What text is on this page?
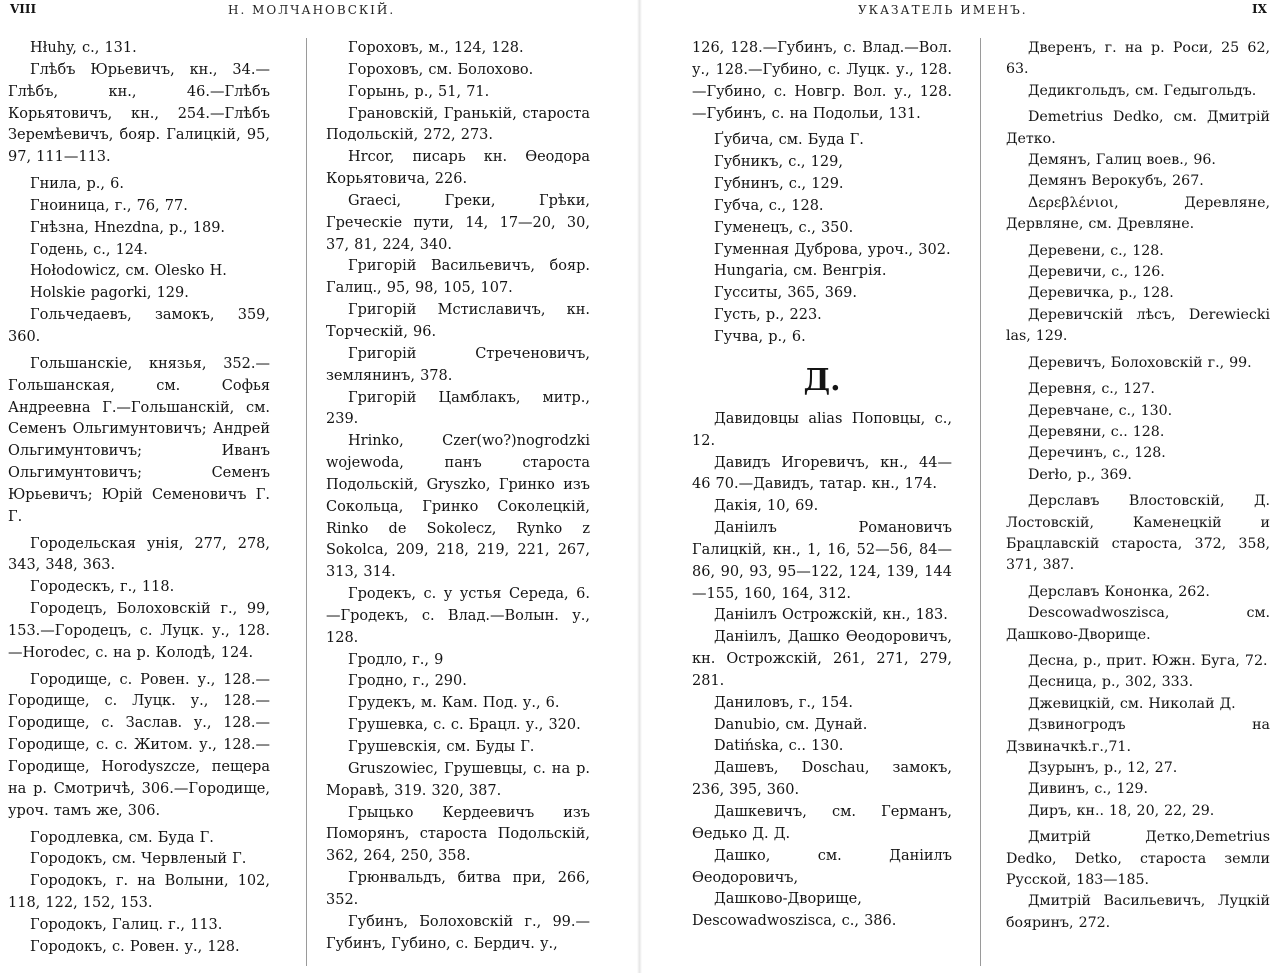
VIII	Н. МОЛЧАНОВСКІЙ.

Hłuhy, с., 131.

Глѣбъ Юрьевичъ, кн., 34.—Глѣбъ, кн., 46.—Глѣбъ Корьятовичъ, кн., 254.—Глѣбъ Зеремѣевичъ, бояр. Галицкій, 95, 97, 111—113.

Гнила, р., 6.

Гноиница, г., 76, 77.

Гнѣзна, Hnezdna, р., 189.

Годень, с., 124.

Hołodowicz, см. Olesko H.

Holskie pagorki, 129.

Гольчедаевъ, замокъ, 359, 360.

Гольшанскіе, князья, 352.—Гольшанская, см. Софья Андреевна Г.—Гольшанскій, см. Семенъ Ольгимунтовичъ; Андрей Ольгимунтовичъ; Иванъ Ольгимунтовичъ; Семенъ Юрьевичъ; Юрій Семеновичъ Г. Г.

Городельская унія, 277, 278, 343, 348, 363.

Городескъ, г., 118.

Городецъ, Болоховскій г., 99, 153.—Городецъ, с. Луцк. у., 128.—Horodec, с. на р. Колодѣ, 124.

Городище, с. Ровен. у., 128.—Городище, с. Луцк. у., 128.—Городище, с. Заслав. у., 128.—Городище, с. с. Житом. у., 128.—Городище, Horodyszcze, пещера на р. Смотричѣ, 306.—Городище, уроч. тамъ же, 306.

Городлевка, см. Буда Г.

Городокъ, см. Червленый Г.

Городокъ, г. на Волыни, 102, 118, 122, 152, 153.

Городокъ, Галиц. г., 113.

Городокъ, с. Ровен. у., 128.

Гороховъ, м., 124, 128.

Гороховъ, см. Болохово.

Горынь, р., 51, 71.

Грановскій, Гранькій, староста Подольскій, 272, 273.

Hrcor, писарь кн. Өеодора Корьятовича, 226.

Graeci, Греки, Грѣки, Греческіе пути, 14, 17—20, 30, 37, 81, 224, 340.

Григорій Васильевичъ, бояр. Галиц., 95, 98, 105, 107.

Григорій Мстиславичъ, кн. Торческій, 96.

Григорій Стреченовичъ, землянинъ, 378.

Григорій Цамблакъ, митр., 239.

Hrinko, Czer(wo?)nogrodzki wojewoda, панъ староста Подольскій, Gryszko, Гринко изъ Сокольца, Гринко Соколецкій, Rinko de Sokolecz, Rynko z Sokolca, 209, 218, 219, 221, 267, 313, 314.

Гродекъ, с. у устья Середа, 6.—Гродекъ, с. Влад.—Волын. у., 128.

Гродло, г., 9

Гродно, г., 290.

Грудекъ, м. Кам. Под. у., 6.

Грушевка, с. с. Брацл. у., 320.

Грушевскія, см. Буды Г.

Gruszowiec, Грушевцы, с. на р. Моравѣ, 319. 320, 387.

Грыцько Кердеевичъ изъ Поморянъ, староста Подольскій, 362, 264, 250, 358.

Грюнвальдъ, битва при, 266, 352.

Губинъ, Болоховскій г., 99.—Губинъ, Губино, с. Бердич. у.,

УКАЗАТЕЛЬ ИМЕНЪ.	IX

126, 128.—Губинъ, с. Влад.—Вол. у., 128.—Губино, с. Луцк. у., 128.—Губино, с. Новгр. Вол. у., 128.—Губинъ, с. на Подольи, 131.

Ґубича, см. Буда Г.

Губникъ, с., 129,

Губнинъ, с., 129.

Губча, с., 128.

Гуменецъ, с., 350.

Гуменная Дуброва, уроч., 302.

Hungaria, см. Венгрія.

Гусситы, 365, 369.

Густь, р., 223.

Гучва, р., 6.

Д.

Давидовцы alias Поповцы, с., 12.

Давидъ Игоревичъ, кн., 44—46 70.—Давидъ, татар. кн., 174.

Дакія, 10, 69.

Даніилъ Романовичъ Галицкій, кн., 1, 16, 52—56, 84—86, 90, 93, 95—122, 124, 139, 144—155, 160, 164, 312.

Даніилъ Острожскій, кн., 183.

Даніилъ, Дашко Өеодоровичъ, кн. Острожскій, 261, 271, 279, 281.

Даниловъ, г., 154.

Danubio, см. Дунай.

Datińska, с.. 130.

Дашевъ, Doschau, замокъ, 236, 395, 360.

Дашкевичъ, см. Германъ, Өедько Д. Д.

Дашко, см. Даніилъ Өеодоровичъ,

Дашково-Дворище, Descowadwoszisca, с., 386.

Дверенъ, г. на р. Роси, 25 62, 63.

Дедикгольдъ, см. Гедыгольдъ.

Demetrius Dedko, см. Дмитрій Детко.

Демянъ, Галиц воев., 96.

Демянъ Верокубъ, 267.

Δερεβλένιοι, Деревляне, Дервляне, см. Древляне.

Деревени, с., 128.

Деревичи, с., 126.

Деревичка, р., 128.

Деревичскій лѣсъ, Derewiecki las, 129.

Деревичъ, Болоховскій г., 99.

Деревня, с., 127.

Деревчане, с., 130.

Деревяни, с.. 128.

Деречинъ, с., 128.

Derło, р., 369.

Дерславъ Влостовскій, Д. Лостовскій, Каменецкій и Брацлавскій староста, 372, 358, 371, 387.

Дерславъ Кононка, 262.

Descowadwoszisca, см. Дашково-Дворище.

Десна, р., прит. Южн. Буга, 72.

Десница, р., 302, 333.

Джевицкій, см. Николай Д.

Дзвиногродъ на Дзвиначкѣ.г.,71.

Дзурынъ, р., 12, 27.

Дивинъ, с., 129.

Диръ, кн.. 18, 20, 22, 29.

Дмитрій Детко,Demetrius Dedko, Detko, староста земли Русской, 183—185.

Дмитрій Васильевичъ, Луцкій бояринъ, 272.
